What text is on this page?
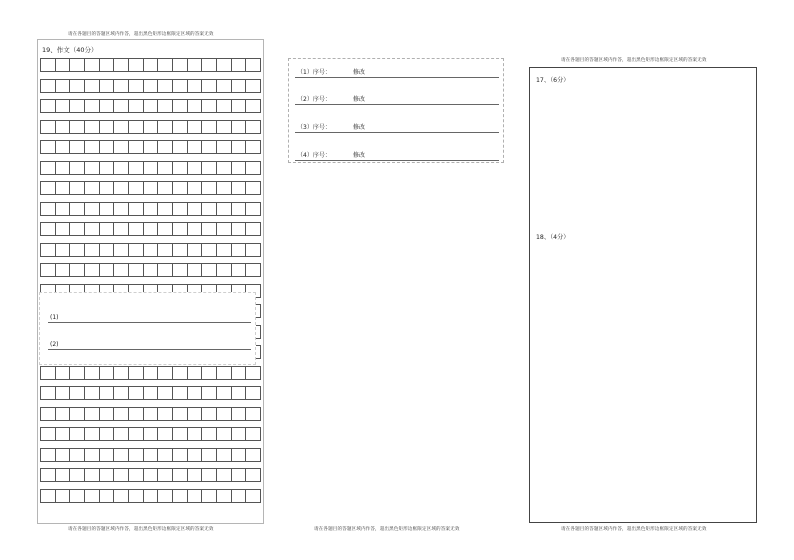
请在各题目的答题区域内作答，超出黑色矩形边框限定区域的答案无效
请在各题目的答题区域内作答，超出黑色矩形边框限定区域的答案无效
请在各题目的答题区域内作答，超出黑色矩形边框限定区域的答案无效	请在各题目的答题区域内作答，超出黑色矩形边框限定区域的答案无效	请在各题目的答题区域内作答，超出黑色矩形边框限定区域的答案无效
19、作文（40分）
(1)
(2)
（1）序号：	修改
（2）序号：	修改
（3）序号：	修改
（4）序号：	修改
17、（6分）
18、（4分）
